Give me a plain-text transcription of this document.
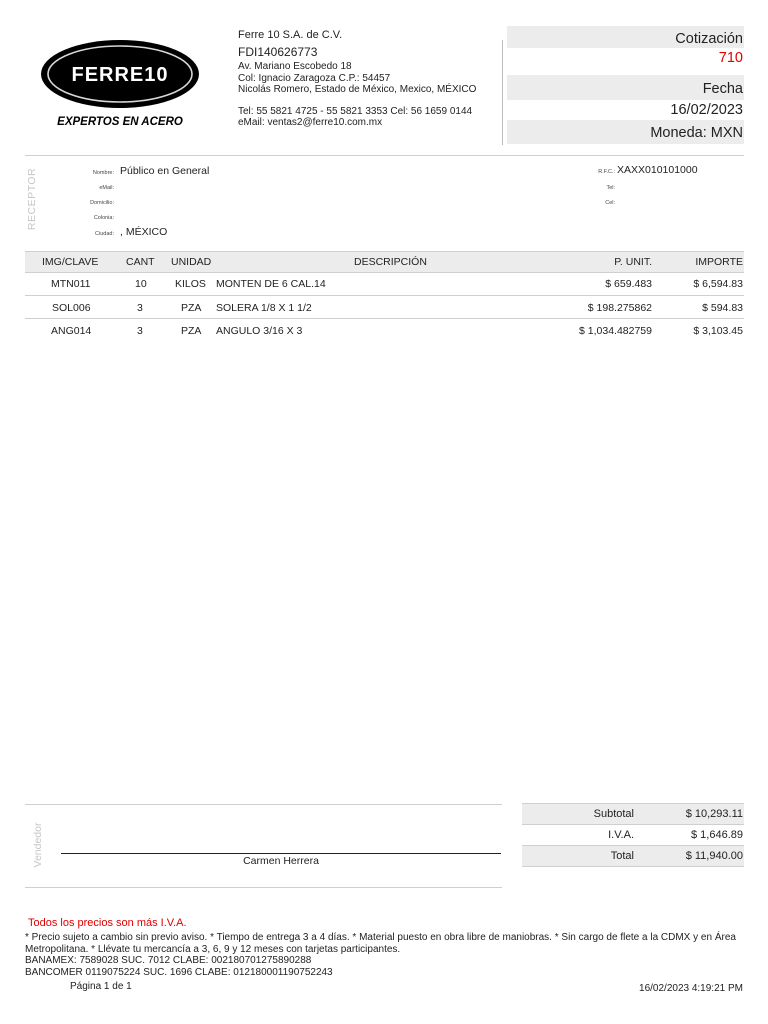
FERRE10
EXPERTOS EN ACERO
Ferre 10 S.A. de C.V.
FDI140626773
Av. Mariano Escobedo 18
Col: Ignacio Zaragoza C.P.: 54457
Nicolás Romero, Estado de México, Mexico, MÉXICO
Tel: 55 5821 4725 - 55 5821 3353 Cel: 56 1659 0144
eMail: ventas2@ferre10.com.mx
Cotización
710
Fecha
16/02/2023
Moneda: MXN
RECEPTOR	Nombre: Público en General
eMail:
Domicilio:
Colonia:
Ciudad: , MÉXICO
R.F.C.: XAXX010101000
Tel:
Cel:
IMG/CLAVE	CANT UNIDAD	DESCRIPCIÓN	P. UNIT.	IMPORTE
MTN011	10	KILOS MONTEN DE 6 CAL.14	$ 659.483	$ 6,594.83
SOL006	3	PZA SOLERA 1/8 X 1 1/2	$ 198.275862	$ 594.83
ANG014	3	PZA ANGULO 3/16 X 3	$ 1,034.482759	$ 3,103.45
Vendedor	Carmen Herrera
Subtotal	$ 10,293.11
I.V.A.	$ 1,646.89
Total	$ 11,940.00
Todos los precios son más I.V.A.
* Precio sujeto a cambio sin previo aviso. * Tiempo de entrega 3 a 4 días. * Material puesto en obra libre de maniobras. * Sin cargo de flete a la CDMX y en Área Metropolitana. * Llévate tu mercancía a 3, 6, 9 y 12 meses con tarjetas participantes.
BANAMEX: 7589028 SUC. 7012 CLABE: 002180701275890288
BANCOMER 0119075224 SUC. 1696 CLABE: 012180001190752243
Página 1 de 1	16/02/2023 4:19:21 PM
